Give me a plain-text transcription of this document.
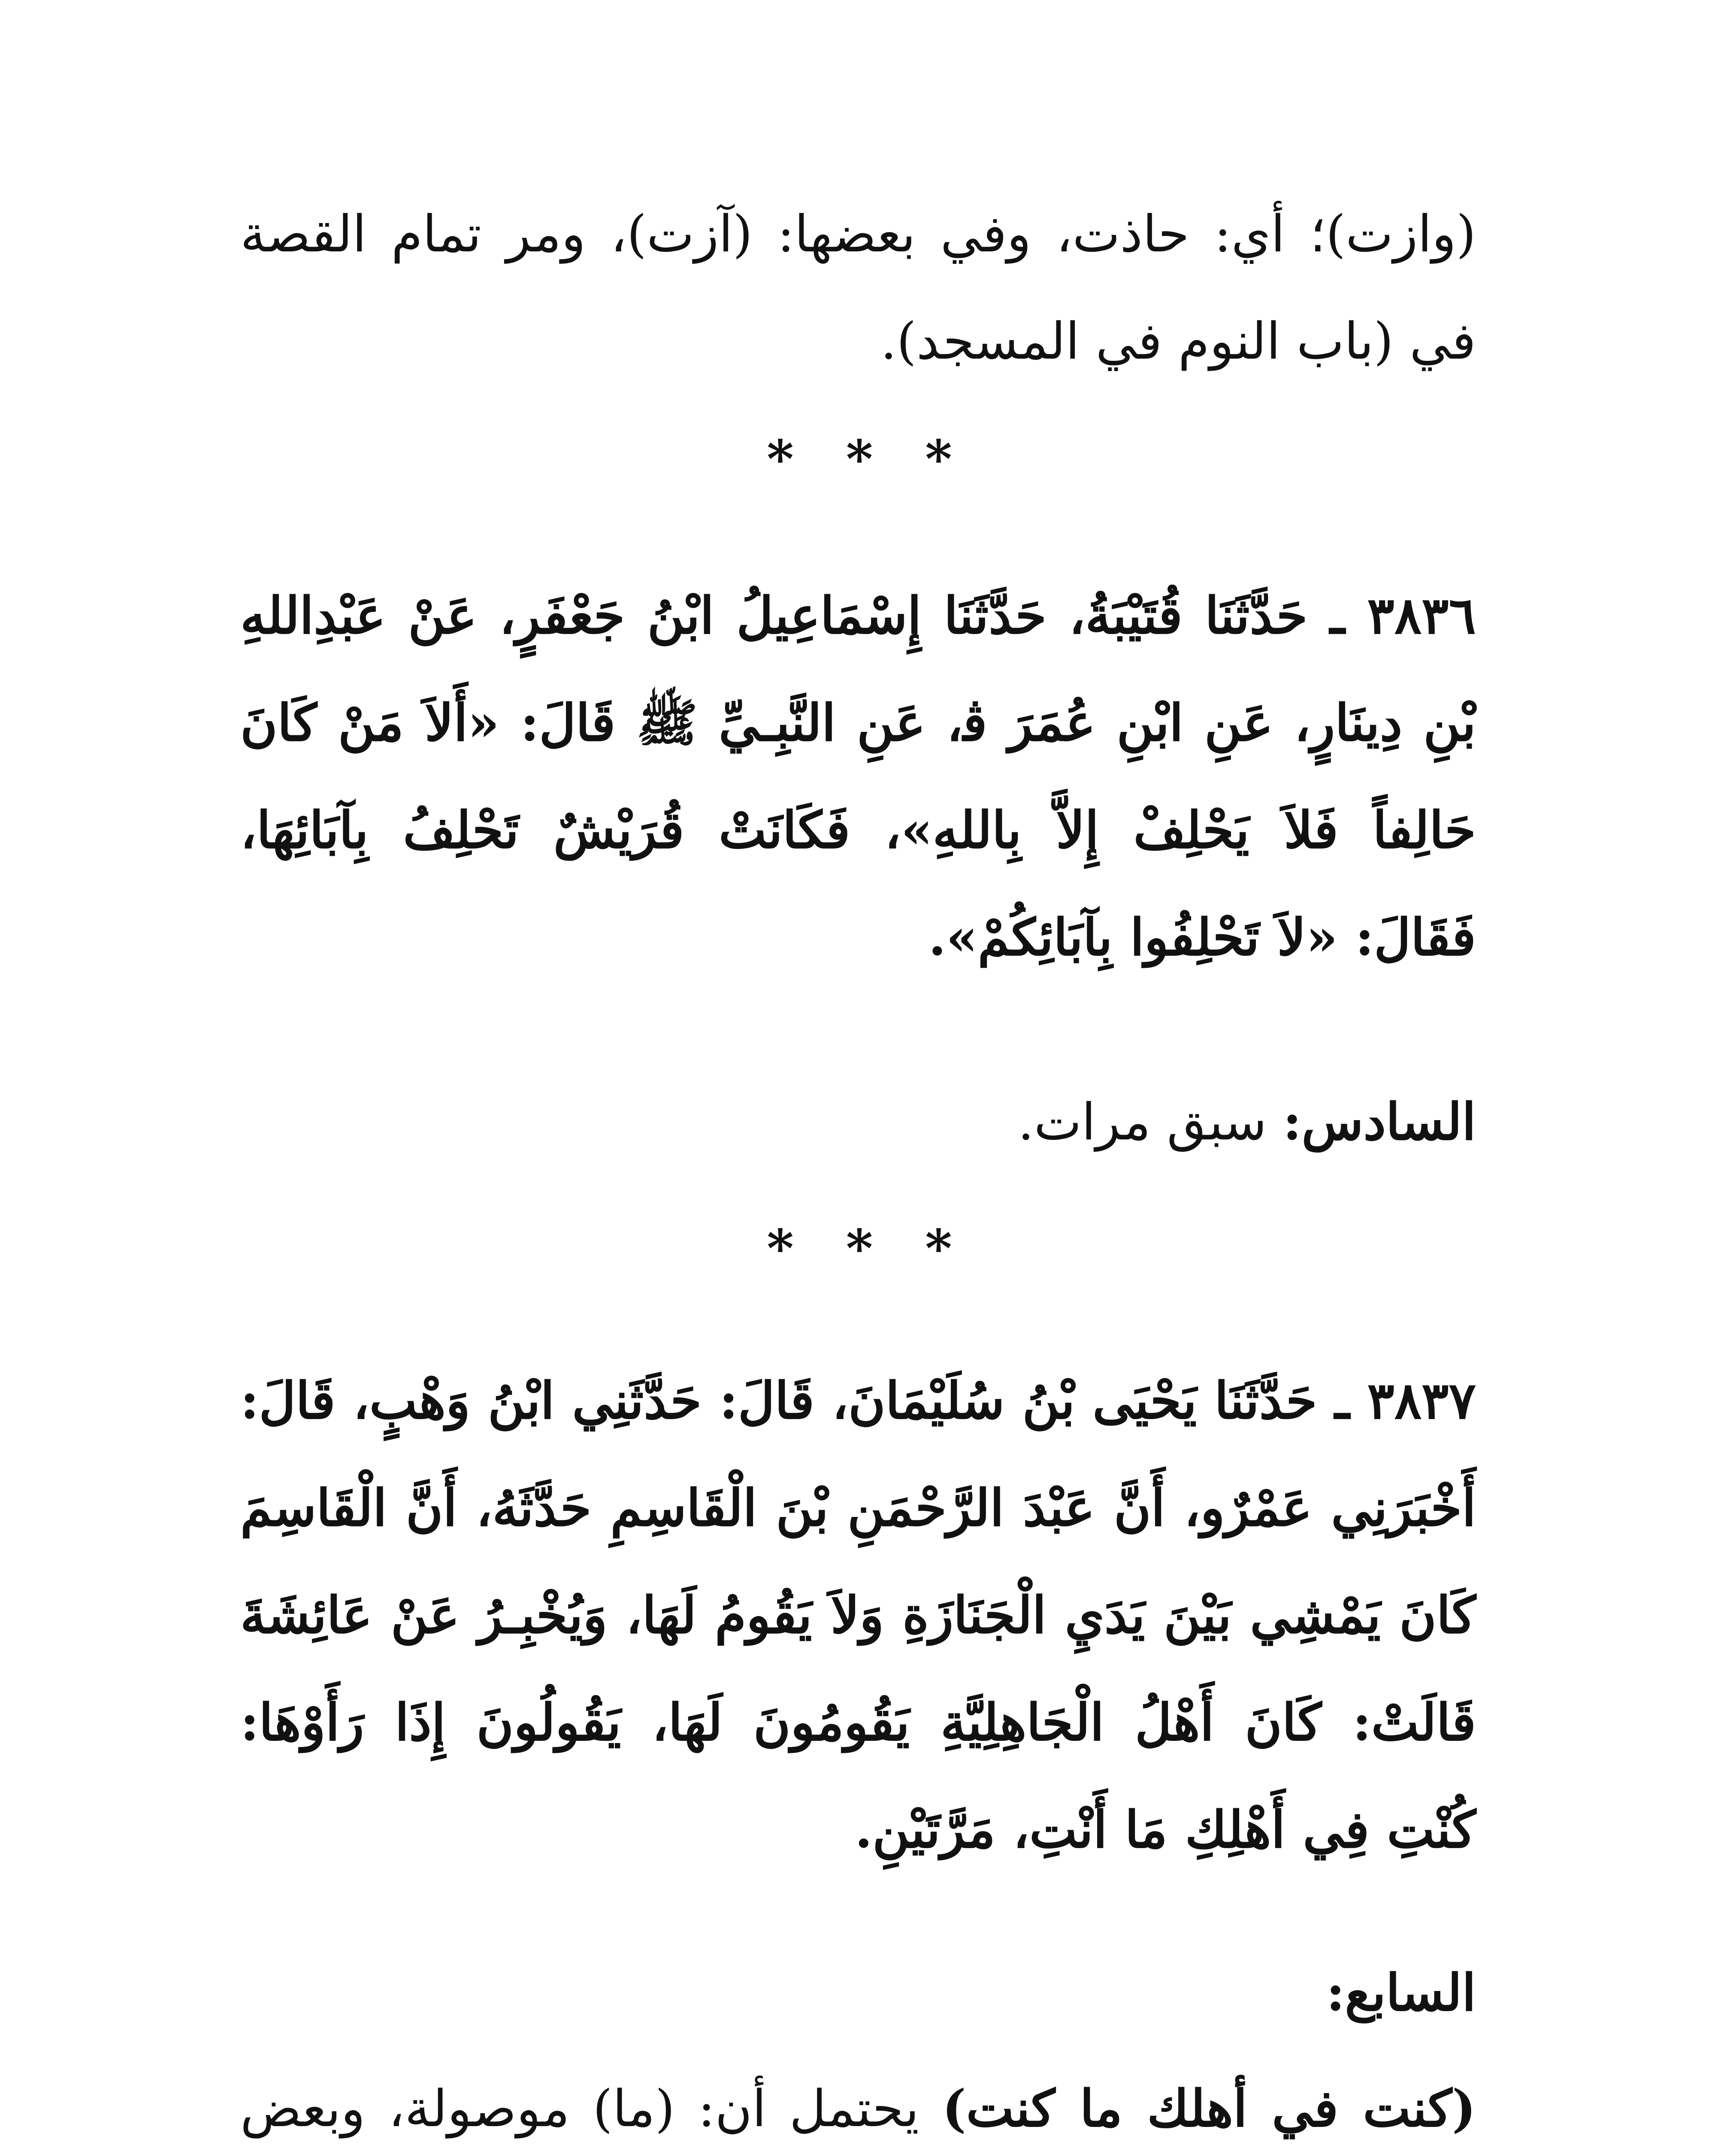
(وازت)؛ أي: حاذت، وفي بعضها: (آزت)، ومر تمام القصة في (باب النوم في المسجد).

* * *

٣٨٣٦ ـ حَدَّثَنَا قُتَيْبَةُ، حَدَّثَنَا إِسْمَاعِيلُ ابْنُ جَعْفَرٍ، عَنْ عَبْدِاللهِ بْنِ دِينَارٍ، عَنِ ابْنِ عُمَرَ ﭬ، عَنِ النَّبِـيِّ ﷺ قَالَ: «أَلاَ مَنْ كَانَ حَالِفاً فَلاَ يَحْلِفْ إِلاَّ بِاللهِ»، فَكَانَتْ قُرَيْشٌ تَحْلِفُ بِآبَائِهَا، فَقَالَ: «لاَ تَحْلِفُوا بِآبَائِكُمْ».

السادس: سبق مرات.

* * *

٣٨٣٧ ـ حَدَّثَنَا يَحْيَى بْنُ سُلَيْمَانَ، قَالَ: حَدَّثَنِي ابْنُ وَهْبٍ، قَالَ: أَخْبَرَنِي عَمْرٌو، أَنَّ عَبْدَ الرَّحْمَنِ بْنَ الْقَاسِمِ حَدَّثَهُ، أَنَّ الْقَاسِمَ كَانَ يَمْشِي بَيْنَ يَدَيِ الْجَنَازَةِ وَلاَ يَقُومُ لَهَا، وَيُخْبِـرُ عَنْ عَائِشَةَ قَالَتْ: كَانَ أَهْلُ الْجَاهِلِيَّةِ يَقُومُونَ لَهَا، يَقُولُونَ إِذَا رَأَوْهَا: كُنْتِ فِي أَهْلِكِ مَا أَنْتِ، مَرَّتَيْنِ.

السابع:

(كنت في أهلك ما كنت) يحتمل أن: (ما) موصولة، وبعض
